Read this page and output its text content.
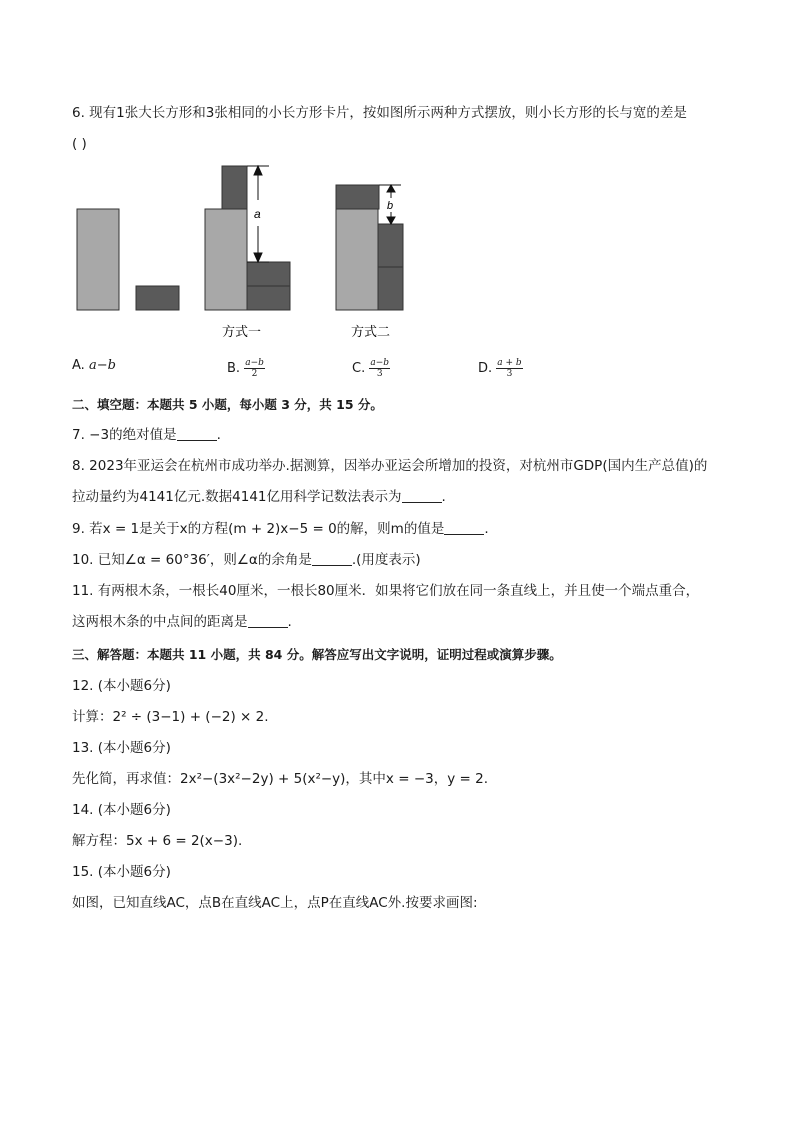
6. 现有1张大长方形和3张相同的小长方形卡片，按如图所示两种方式摆放，则小长方形的长与宽的差是
( )
a
b
方式一	方式二
A. a−b	B. $\frac{a-b}{2}$	C. $\frac{a-b}{3}$	D. $\frac{a + b}{3}$
二、填空题：本题共 5 小题，每小题 3 分，共 15 分。
7. −3的绝对值是	.
8. 2023年亚运会在杭州市成功举办.据测算，因举办亚运会所增加的投资，对杭州市GDP(国内生产总值)的
拉动量约为4141亿元.数据4141亿用科学记数法表示为	.
9. 若x = 1是关于x的方程(m + 2)x−5 = 0的解，则m的值是	.
10. 已知∠α = 60°36′，则∠α的余角是	.(用度表示)
11. 有两根木条，一根长40厘米，一根长80厘米．如果将它们放在同一条直线上，并且使一个端点重合，
这两根木条的中点间的距离是	.
三、解答题：本题共 11 小题，共 84 分。解答应写出文字说明，证明过程或演算步骤。
12. (本小题6分)
计算：2² ÷ (3−1) + (−2) × 2.
13. (本小题6分)
先化简，再求值：2x²−(3x²−2y) + 5(x²−y)，其中x = −3，y = 2.
14. (本小题6分)
解方程：5x + 6 = 2(x−3).
15. (本小题6分)
如图，已知直线AC，点B在直线AC上，点P在直线AC外.按要求画图:
